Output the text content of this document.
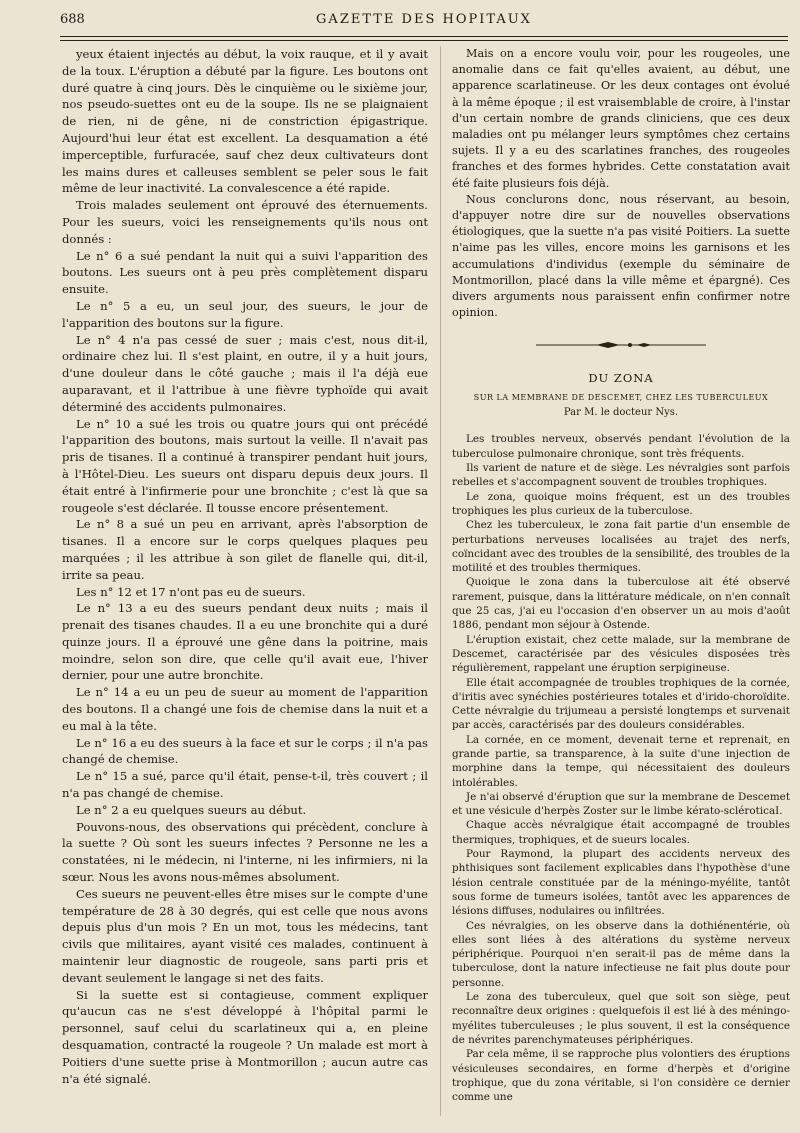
688	GAZETTE DES HOPITAUX

yeux étaient injectés au début, la voix rauque, et il y avait de la toux. L'éruption a débuté par la figure. Les boutons ont duré quatre à cinq jours. Dès le cinquième ou le sixième jour, nos pseudo-suettes ont eu de la soupe. Ils ne se plaignaient de rien, ni de gêne, ni de constriction épigastrique. Aujourd'hui leur état est excellent. La desquamation a été imperceptible, furfuracée, sauf chez deux cultivateurs dont les mains dures et calleuses semblent se peler sous le fait même de leur inactivité. La convalescence a été rapide.

Trois malades seulement ont éprouvé des éternuements. Pour les sueurs, voici les renseignements qu'ils nous ont donnés :

Le n° 6 a sué pendant la nuit qui a suivi l'apparition des boutons. Les sueurs ont à peu près complètement disparu ensuite.

Le n° 5 a eu, un seul jour, des sueurs, le jour de l'apparition des boutons sur la figure.

Le n° 4 n'a pas cessé de suer ; mais c'est, nous dit-il, ordinaire chez lui. Il s'est plaint, en outre, il y a huit jours, d'une douleur dans le côté gauche ; mais il l'a déjà eue auparavant, et il l'attribue à une fièvre typhoïde qui avait déterminé des accidents pulmonaires.

Le n° 10 a sué les trois ou quatre jours qui ont précédé l'apparition des boutons, mais surtout la veille. Il n'avait pas pris de tisanes. Il a continué à transpirer pendant huit jours, à l'Hôtel-Dieu. Les sueurs ont disparu depuis deux jours. Il était entré à l'infirmerie pour une bronchite ; c'est là que sa rougeole s'est déclarée. Il tousse encore présentement.

Le n° 8 a sué un peu en arrivant, après l'absorption de tisanes. Il a encore sur le corps quelques plaques peu marquées ; il les attribue à son gilet de flanelle qui, dit-il, irrite sa peau.

Les n° 12 et 17 n'ont pas eu de sueurs.

Le n° 13 a eu des sueurs pendant deux nuits ; mais il prenait des tisanes chaudes. Il a eu une bronchite qui a duré quinze jours. Il a éprouvé une gêne dans la poitrine, mais moindre, selon son dire, que celle qu'il avait eue, l'hiver dernier, pour une autre bronchite.

Le n° 14 a eu un peu de sueur au moment de l'apparition des boutons. Il a changé une fois de chemise dans la nuit et a eu mal à la tête.

Le n° 16 a eu des sueurs à la face et sur le corps ; il n'a pas changé de chemise.

Le n° 15 a sué, parce qu'il était, pense-t-il, très couvert ; il n'a pas changé de chemise.

Le n° 2 a eu quelques sueurs au début.

Pouvons-nous, des observations qui précèdent, conclure à la suette ? Où sont les sueurs infectes ? Personne ne les a constatées, ni le médecin, ni l'interne, ni les infirmiers, ni la sœur. Nous les avons nous-mêmes absolument.

Ces sueurs ne peuvent-elles être mises sur le compte d'une température de 28 à 30 degrés, qui est celle que nous avons depuis plus d'un mois ? En un mot, tous les médecins, tant civils que militaires, ayant visité ces malades, continuent à maintenir leur diagnostic de rougeole, sans parti pris et devant seulement le langage si net des faits.

Si la suette est si contagieuse, comment expliquer qu'aucun cas ne s'est développé à l'hôpital parmi le personnel, sauf celui du scarlatineux qui a, en pleine desquamation, contracté la rougeole ? Un malade est mort à Poitiers d'une suette prise à Montmorillon ; aucun autre cas n'a été signalé.

Mais on a encore voulu voir, pour les rougeoles, une anomalie dans ce fait qu'elles avaient, au début, une apparence scarlatineuse. Or les deux contages ont évolué à la même époque ; il est vraisemblable de croire, à l'instar d'un certain nombre de grands cliniciens, que ces deux maladies ont pu mélanger leurs symptômes chez certains sujets. Il y a eu des scarlatines franches, des rougeoles franches et des formes hybrides. Cette constatation avait été faite plusieurs fois déjà.

Nous conclurons donc, nous réservant, au besoin, d'appuyer notre dire sur de nouvelles observations étiologiques, que la suette n'a pas visité Poitiers. La suette n'aime pas les villes, encore moins les garnisons et les accumulations d'individus (exemple du séminaire de Montmorillon, placé dans la ville même et épargné). Ces divers arguments nous paraissent enfin confirmer notre opinion.

DU ZONA
SUR LA MEMBRANE DE DESCEMET, CHEZ LES TUBERCULEUX
Par M. le docteur Nys.

Les troubles nerveux, observés pendant l'évolution de la tuberculose pulmonaire chronique, sont très fréquents.

Ils varient de nature et de siège. Les névralgies sont parfois rebelles et s'accompagnent souvent de troubles trophiques.

Le zona, quoique moins fréquent, est un des troubles trophiques les plus curieux de la tuberculose.

Chez les tuberculeux, le zona fait partie d'un ensemble de perturbations nerveuses localisées au trajet des nerfs, coïncidant avec des troubles de la sensibilité, des troubles de la motilité et des troubles thermiques.

Quoique le zona dans la tuberculose ait été observé rarement, puisque, dans la littérature médicale, on n'en connaît que 25 cas, j'ai eu l'occasion d'en observer un au mois d'août 1886, pendant mon séjour à Ostende.

L'éruption existait, chez cette malade, sur la membrane de Descemet, caractérisée par des vésicules disposées très régulièrement, rappelant une éruption serpigineuse.

Elle était accompagnée de troubles trophiques de la cornée, d'iritis avec synéchies postérieures totales et d'irido-choroïdite. Cette névralgie du trijumeau a persisté longtemps et survenait par accès, caractérisés par des douleurs considérables.

La cornée, en ce moment, devenait terne et reprenait, en grande partie, sa transparence, à la suite d'une injection de morphine dans la tempe, qui nécessitaient des douleurs intolérables.

Je n'ai observé d'éruption que sur la membrane de Descemet et une vésicule d'herpès Zoster sur le limbe kérato-scléroticaI.

Chaque accès névralgique était accompagné de troubles thermiques, trophiques, et de sueurs locales.

Pour Raymond, la plupart des accidents nerveux des phthisiques sont facilement explicables dans l'hypothèse d'une lésion centrale constituée par de la méningo-myélite, tantôt sous forme de tumeurs isolées, tantôt avec les apparences de lésions diffuses, nodulaires ou infiltrées.

Ces névralgies, on les observe dans la dothiénentérie, où elles sont liées à des altérations du système nerveux périphérique. Pourquoi n'en serait-il pas de même dans la tuberculose, dont la nature infectieuse ne fait plus doute pour personne.

Le zona des tuberculeux, quel que soit son siège, peut reconnaître deux origines : quelquefois il est lié à des méningo-myélites tuberculeuses ; le plus souvent, il est la conséquence de névrites parenchymateuses périphériques.

Par cela même, il se rapproche plus volontiers des éruptions vésiculeuses secondaires, en forme d'herpès et d'origine trophique, que du zona véritable, si l'on considère ce dernier comme une
